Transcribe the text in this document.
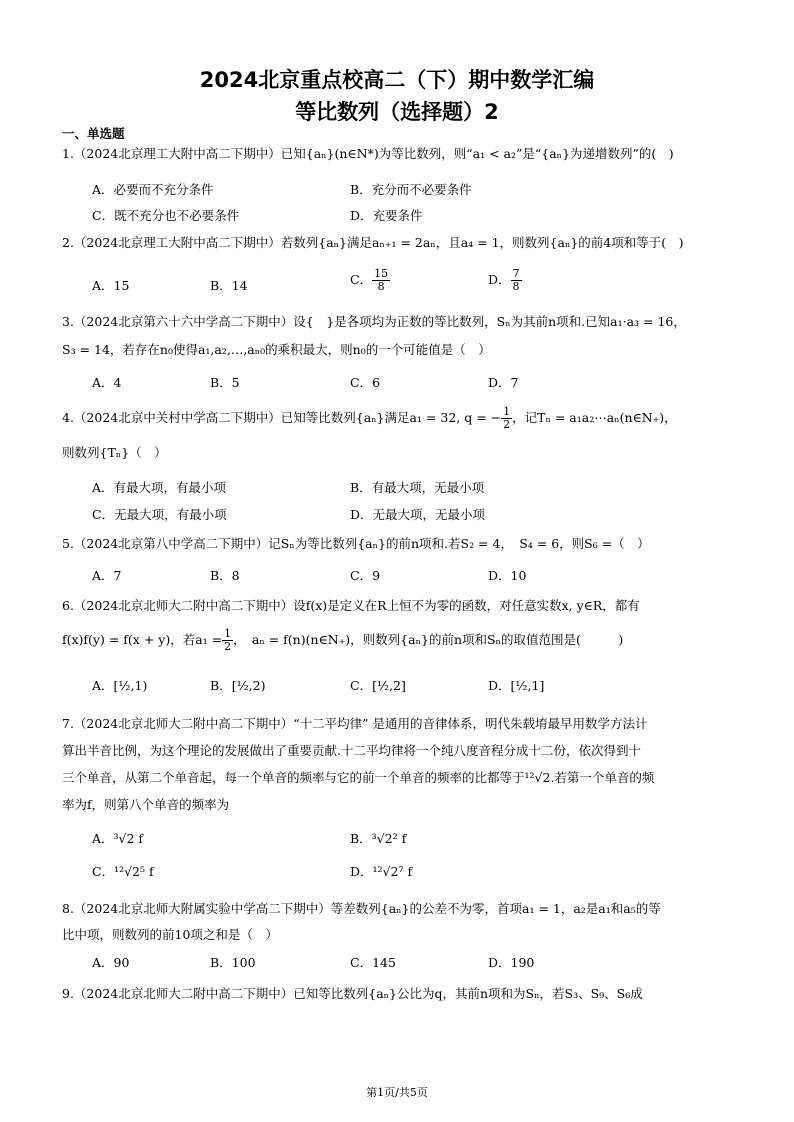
2024北京重点校高二（下）期中数学汇编
等比数列（选择题）2
一、单选题
1.（2024北京理工大附中高二下期中）已知{aₙ}(n∈N*)为等比数列，则“a₁ < a₂”是“{aₙ}为递增数列”的(　)
A．必要而不充分条件	B．充分而不必要条件
C．既不充分也不必要条件	D．充要条件
2.（2024北京理工大附中高二下期中）若数列{aₙ}满足aₙ₊₁ = 2aₙ，且a₄ = 1，则数列{aₙ}的前4项和等于(　)
A．15	B．14	C． $\frac{15}{8}$	D． $\frac{7}{8}$
3.（2024北京第六十六中学高二下期中）设{　}是各项均为正数的等比数列，Sₙ为其前n项和.已知a₁·a₃ = 16，
S₃ = 14，若存在n₀使得a₁,a₂,…,aₙ₀的乘积最大，则n₀的一个可能值是（　）
A．4	B．5	C．6	D．7
4.（2024北京中关村中学高二下期中）已知等比数列{aₙ}满足a₁ = 32, q = − $\frac{1}{2}$ ，记Tₙ = a₁a₂⋯aₙ(n∈N₊)，
则数列{Tₙ}（　）
A．有最大项，有最小项	B．有最大项，无最小项
C．无最大项，有最小项	D．无最大项，无最小项
5.（2024北京第八中学高二下期中）记Sₙ为等比数列{aₙ}的前n项和.若S₂ = 4，　S₄ = 6，则S₆ =（　）
A．7	B．8	C．9	D．10
6.（2024北京北师大二附中高二下期中）设f(x)是定义在R上恒不为零的函数，对任意实数x, y∈R，都有
f(x)f(y) = f(x + y)，若$a_1 = \frac{1}{2}$ ，　aₙ = f(n)(n∈N₊)，则数列{aₙ}的前n项和Sₙ的取值范围是(　　　)
A．[½,1)	B．[½,2)	C．[½,2]	D．[½,1]
7.（2024北京北师大二附中高二下期中）“十二平均律” 是通用的音律体系，明代朱载堉最早用数学方法计
算出半音比例，为这个理论的发展做出了重要贡献.十二平均律将一个纯八度音程分成十二份，依次得到十
三个单音，从第二个单音起，每一个单音的频率与它的前一个单音的频率的比都等于¹²√2.若第一个单音的频
率为f，则第八个单音的频率为
A．³√2 f	B．³√2² f
C．¹²√2⁵ f	D．¹²√2⁷ f
8.（2024北京北师大附属实验中学高二下期中）等差数列{aₙ}的公差不为零，首项a₁ = 1，a₂是a₁和a₅的等
比中项，则数列的前10项之和是（　）
A．90	B．100	C．145	D．190
9.（2024北京北师大二附中高二下期中）已知等比数列{aₙ}公比为q，其前n项和为Sₙ，若S₃、S₉、S₆成
第1页/共5页
